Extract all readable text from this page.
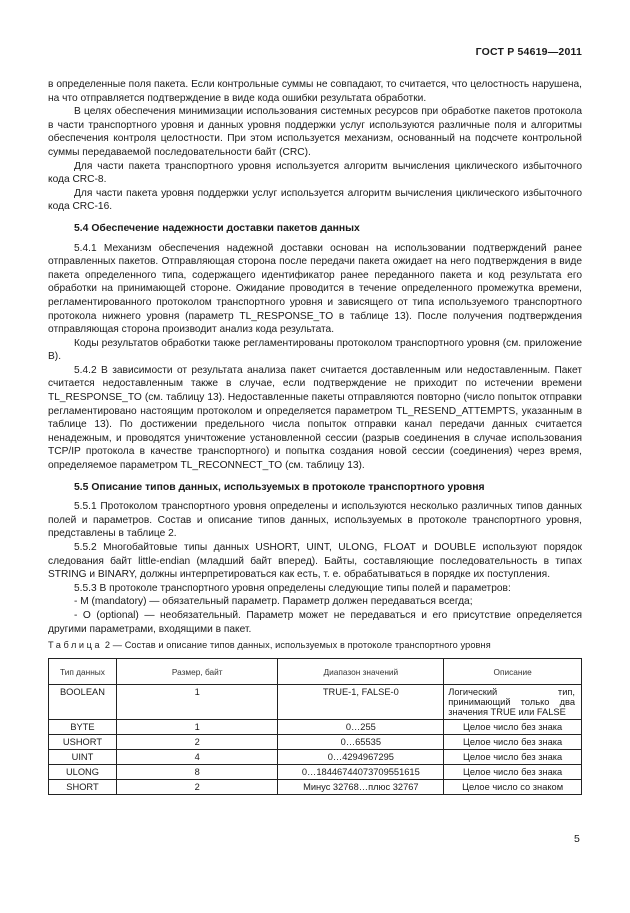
ГОСТ Р 54619—2011

в определенные поля пакета. Если контрольные суммы не совпадают, то считается, что целостность нарушена, на что отправляется подтверждение в виде кода ошибки результата обработки.

В целях обеспечения минимизации использования системных ресурсов при обработке пакетов протокола в части транспортного уровня и данных уровня поддержки услуг используются различные поля и алгоритмы обеспечения контроля целостности. При этом используется механизм, основанный на подсчете контрольной суммы передаваемой последовательности байт (CRC).

Для части пакета транспортного уровня используется алгоритм вычисления циклического избыточного кода CRC-8.

Для части пакета уровня поддержки услуг используется алгоритм вычисления циклического избыточного кода CRC-16.

5.4 Обеспечение надежности доставки пакетов данных

5.4.1 Механизм обеспечения надежной доставки основан на использовании подтверждений ранее отправленных пакетов. Отправляющая сторона после передачи пакета ожидает на него подтверждения в виде пакета определенного типа, содержащего идентификатор ранее переданного пакета и код результата его обработки на принимающей стороне. Ожидание проводится в течение определенного промежутка времени, регламентированного протоколом транспортного уровня и зависящего от типа используемого транспортного протокола нижнего уровня (параметр TL_RESPONSE_TO в таблице 13). После получения подтверждения отправляющая сторона производит анализ кода результата.

Коды результатов обработки также регламентированы протоколом транспортного уровня (см. приложение В).

5.4.2 В зависимости от результата анализа пакет считается доставленным или недоставленным. Пакет считается недоставленным также в случае, если подтверждение не приходит по истечении времени TL_RESPONSE_TO (см. таблицу 13). Недоставленные пакеты отправляются повторно (число попыток отправки регламентировано настоящим протоколом и определяется параметром TL_RESEND_ATTEMPTS, указанным в таблице 13). По достижении предельного числа попыток отправки канал передачи данных считается ненадежным, и проводятся уничтожение установленной сессии (разрыв соединения в случае использования TCP/IP протокола в качестве транспортного) и попытка создания новой сессии (соединения) через время, определяемое параметром TL_RECONNECT_TO (см. таблицу 13).

5.5 Описание типов данных, используемых в протоколе транспортного уровня

5.5.1 Протоколом транспортного уровня определены и используются несколько различных типов данных полей и параметров. Состав и описание типов данных, используемых в протоколе транспортного уровня, представлены в таблице 2.

5.5.2 Многобайтовые типы данных USHORT, UINT, ULONG, FLOAT и DOUBLE используют порядок следования байт little-endian (младший байт вперед). Байты, составляющие последовательность в типах STRING и BINARY, должны интерпретироваться как есть, т. е. обрабатываться в порядке их поступления.

5.5.3 В протоколе транспортного уровня определены следующие типы полей и параметров:

- M (mandatory) — обязательный параметр. Параметр должен передаваться всегда;

- O (optional) — необязательный. Параметр может не передаваться и его присутствие определяется другими параметрами, входящими в пакет.

Таблица 2 — Состав и описание типов данных, используемых в протоколе транспортного уровня
Тип данных	Размер, байт	Диапазон значений	Описание
BOOLEAN	1	TRUE-1, FALSE-0	Логический тип, принимающий только два значения TRUE или FALSE
BYTE	1	0…255	Целое число без знака
USHORT	2	0…65535	Целое число без знака
UINT	4	0…4294967295	Целое число без знака
ULONG	8	0…18446744073709551615	Целое число без знака
SHORT	2	Минус 32768…плюс 32767	Целое число со знаком
5
